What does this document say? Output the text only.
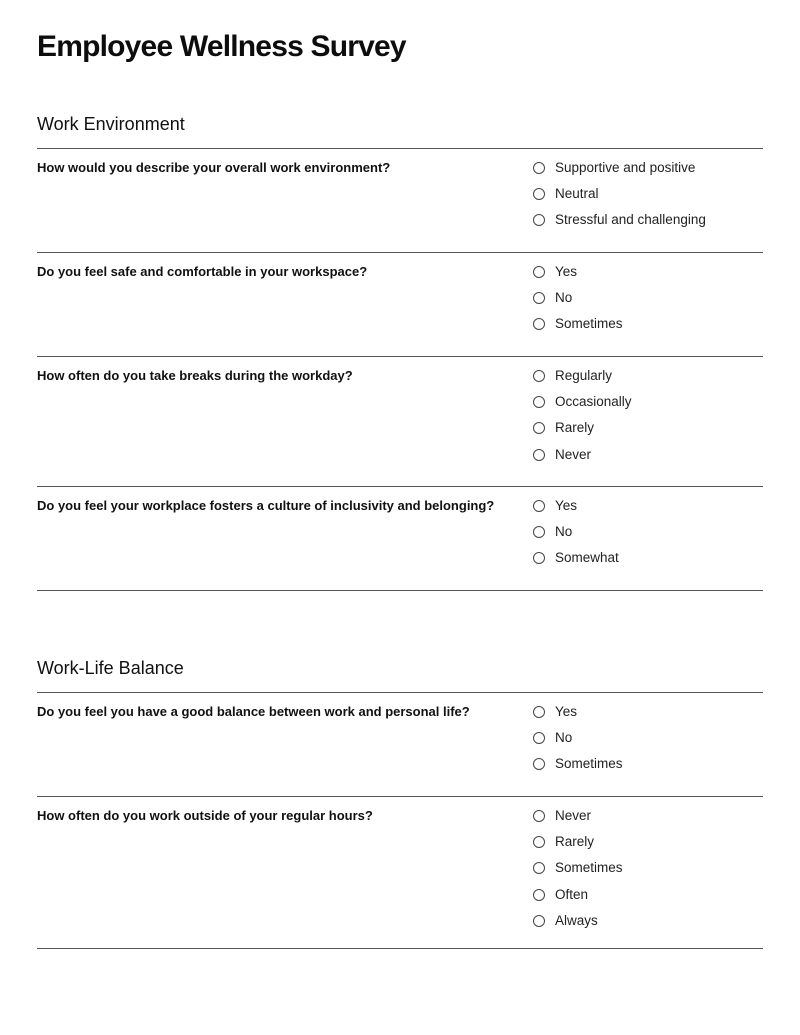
Employee Wellness Survey
Work Environment
How would you describe your overall work environment?	Supportive and positive
Neutral
Stressful and challenging
Do you feel safe and comfortable in your workspace?	Yes
No
Sometimes
How often do you take breaks during the workday?	Regularly
Occasionally
Rarely
Never
Do you feel your workplace fosters a culture of inclusivity and belonging?	Yes
No
Somewhat
Work-Life Balance
Do you feel you have a good balance between work and personal life?	Yes
No
Sometimes
How often do you work outside of your regular hours?	Never
Rarely
Sometimes
Often
Always
